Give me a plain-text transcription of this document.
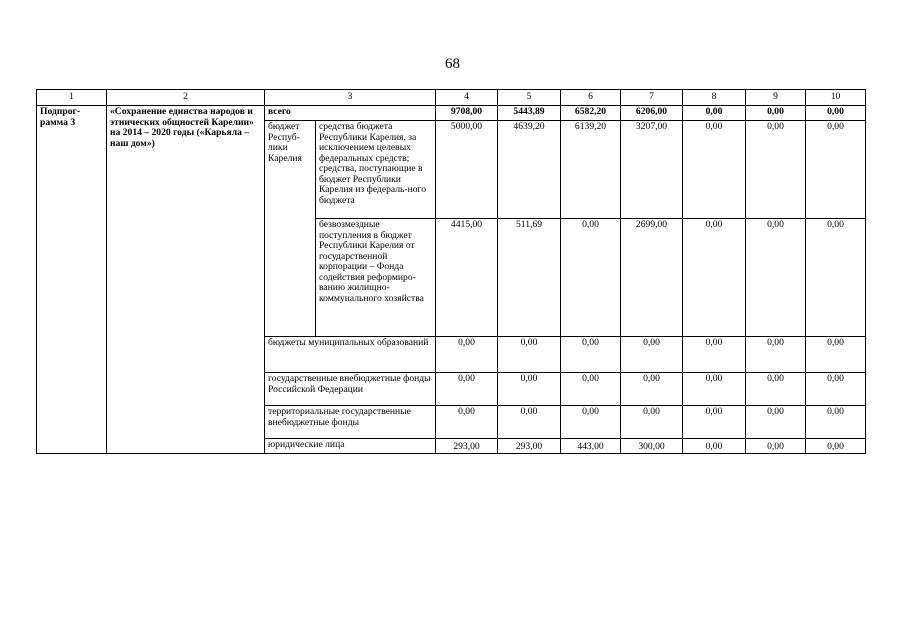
68
1	2	3		4	5	6	7	8	9	10
Подпрог-рамма 3	«Сохранение единства народов и этнических общностей Карелии» на 2014 – 2020 годы («Карьяла – наш дом»)	всего		9708,00	5443,89	6582,20	6206,00	0,00	0,00	0,00
		бюджет Респуб-лики Карелия	средства бюджета Республики Карелия, за исключением целевых федеральных средств; средства, поступающие в бюджет Республики Карелия из федераль-ного бюджета	5000,00	4639,20	6139,20	3207,00	0,00	0,00	0,00
			безвозмездные поступления в бюджет Республики Карелия от государственной корпорации – Фонда содействия реформиро-ванию жилищно-коммунального хозяйства	4415,00	511,69	0,00	2699,00	0,00	0,00	0,00
		бюджеты муниципальных образований		0,00	0,00	0,00	0,00	0,00	0,00	0,00
		государственные внебюджетные фонды Российской Федерации		0,00	0,00	0,00	0,00	0,00	0,00	0,00
		территориальные государственные внебюджетные фонды		0,00	0,00	0,00	0,00	0,00	0,00	0,00
		юридические лица		293,00	293,00	443,00	300,00	0,00	0,00	0,00
